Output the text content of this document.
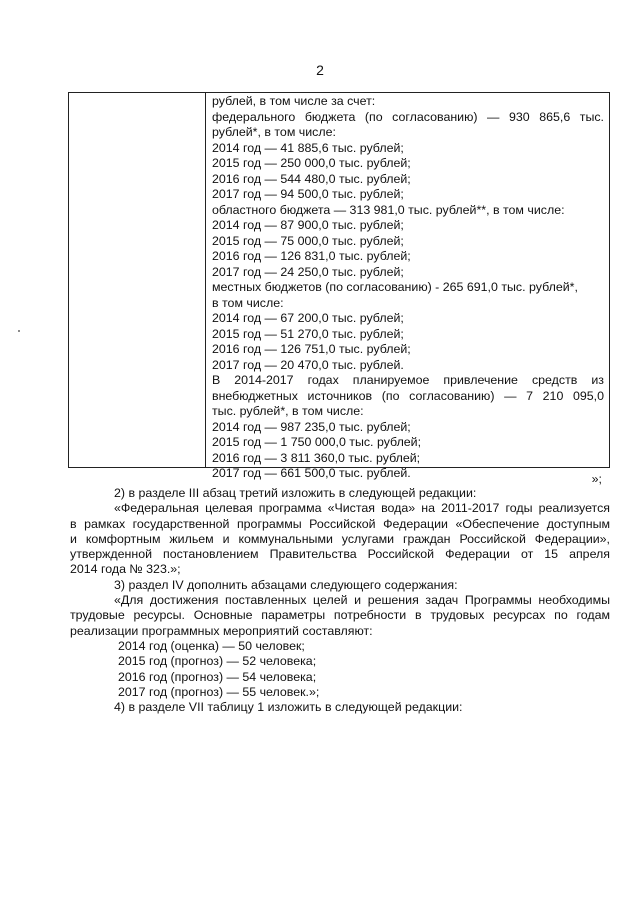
2
рублей, в том числе за счет:
федерального бюджета (по согласованию) — 930 865,6 тыс.
рублей*, в том числе:
2014 год — 41 885,6 тыс. рублей;
2015 год — 250 000,0 тыс. рублей;
2016 год — 544 480,0 тыс. рублей;
2017 год — 94 500,0 тыс. рублей;
областного бюджета — 313 981,0 тыс. рублей**, в том числе:
2014 год — 87 900,0 тыс. рублей;
2015 год — 75 000,0 тыс. рублей;
2016 год — 126 831,0 тыс. рублей;
2017 год — 24 250,0 тыс. рублей;
местных бюджетов (по согласованию) - 265 691,0 тыс. рублей*,
в том числе:
2014 год — 67 200,0 тыс. рублей;
2015 год — 51 270,0 тыс. рублей;
2016 год — 126 751,0 тыс. рублей;
2017 год — 20 470,0 тыс. рублей.
В 2014-2017 годах планируемое привлечение средств из
внебюджетных источников (по согласованию) — 7 210 095,0
тыс. рублей*, в том числе:
2014 год — 987 235,0 тыс. рублей;
2015 год — 1 750 000,0 тыс. рублей;
2016 год — 3 811 360,0 тыс. рублей;
2017 год — 661 500,0 тыс. рублей.	»;
2) в разделе III абзац третий изложить в следующей редакции:
«Федеральная целевая программа «Чистая вода» на 2011-2017 годы реализуется
в рамках государственной программы Российской Федерации «Обеспечение доступным
и комфортным жильем и коммунальными услугами граждан Российской Федерации»,
утвержденной постановлением Правительства Российской Федерации от 15 апреля
2014 года № 323.»;
3) раздел IV дополнить абзацами следующего содержания:
«Для достижения поставленных целей и решения задач Программы необходимы
трудовые ресурсы. Основные параметры потребности в трудовых ресурсах по годам
реализации программных мероприятий составляют:
2014 год (оценка) — 50 человек;
2015 год (прогноз) — 52 человека;
2016 год (прогноз) — 54 человека;
2017 год (прогноз) — 55 человек.»;
4) в разделе VII таблицу 1 изложить в следующей редакции:
